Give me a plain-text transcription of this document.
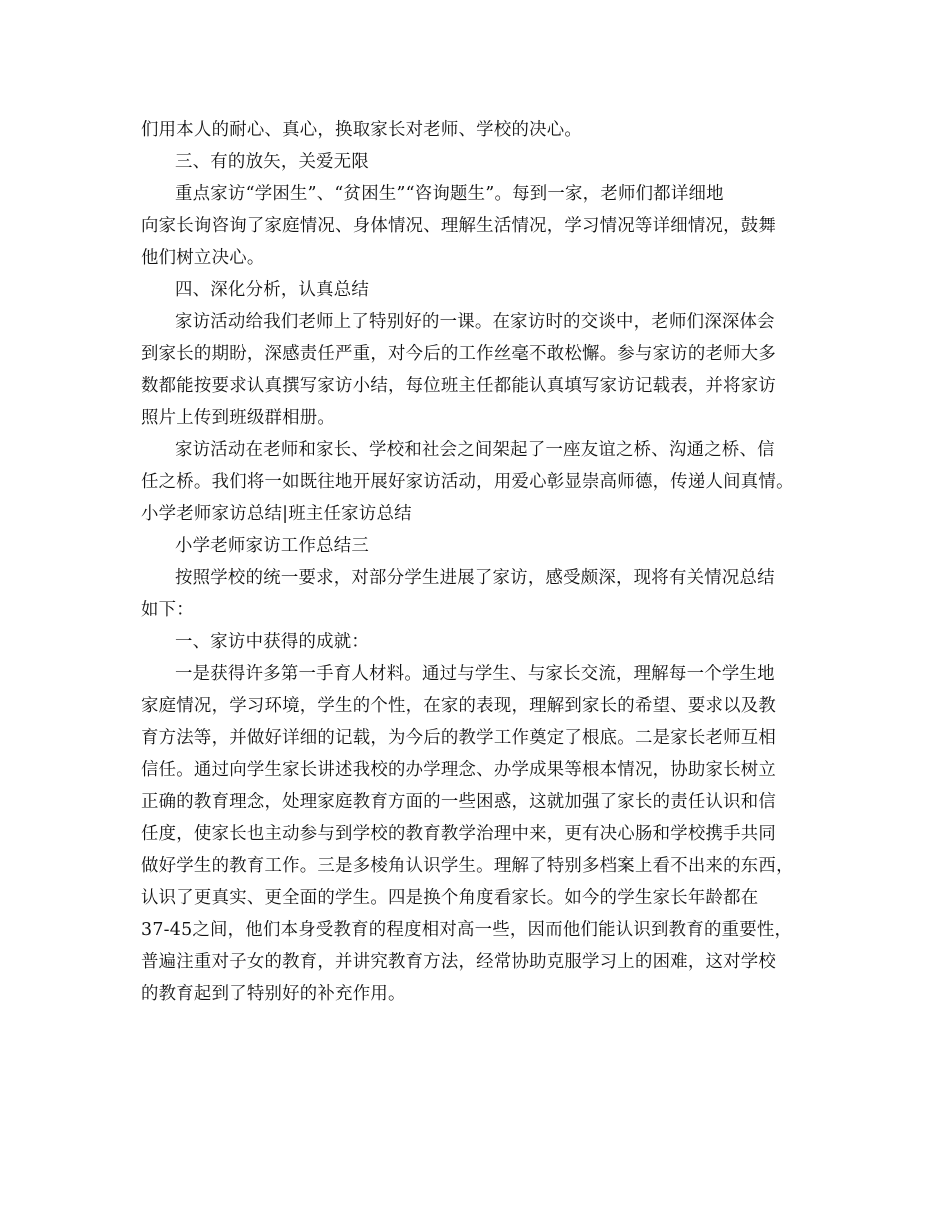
们用本人的耐心、真心，换取家长对老师、学校的决心。

三、有的放矢，关爱无限

重点家访“学困生”、“贫困生”“咨询题生”。每到一家，老师们都详细地

向家长询咨询了家庭情况、身体情况、理解生活情况，学习情况等详细情况，鼓舞

他们树立决心。

四、深化分析，认真总结

家访活动给我们老师上了特别好的一课。在家访时的交谈中，老师们深深体会

到家长的期盼，深感责任严重，对今后的工作丝毫不敢松懈。参与家访的老师大多

数都能按要求认真撰写家访小结，每位班主任都能认真填写家访记载表，并将家访

照片上传到班级群相册。

家访活动在老师和家长、学校和社会之间架起了一座友谊之桥、沟通之桥、信

任之桥。我们将一如既往地开展好家访活动，用爱心彰显崇高师德，传递人间真情。

小学老师家访总结|班主任家访总结

小学老师家访工作总结三

按照学校的统一要求，对部分学生进展了家访，感受颇深，现将有关情况总结

如下：

一、家访中获得的成就：

一是获得许多第一手育人材料。通过与学生、与家长交流，理解每一个学生地

家庭情况，学习环境，学生的个性，在家的表现，理解到家长的希望、要求以及教

育方法等，并做好详细的记载，为今后的教学工作奠定了根底。二是家长老师互相

信任。通过向学生家长讲述我校的办学理念、办学成果等根本情况，协助家长树立

正确的教育理念，处理家庭教育方面的一些困惑，这就加强了家长的责任认识和信

任度，使家长也主动参与到学校的教育教学治理中来，更有决心肠和学校携手共同

做好学生的教育工作。三是多棱角认识学生。理解了特别多档案上看不出来的东西，

认识了更真实、更全面的学生。四是换个角度看家长。如今的学生家长年龄都在

37-45之间，他们本身受教育的程度相对高一些，因而他们能认识到教育的重要性，

普遍注重对子女的教育，并讲究教育方法，经常协助克服学习上的困难，这对学校

的教育起到了特别好的补充作用。
